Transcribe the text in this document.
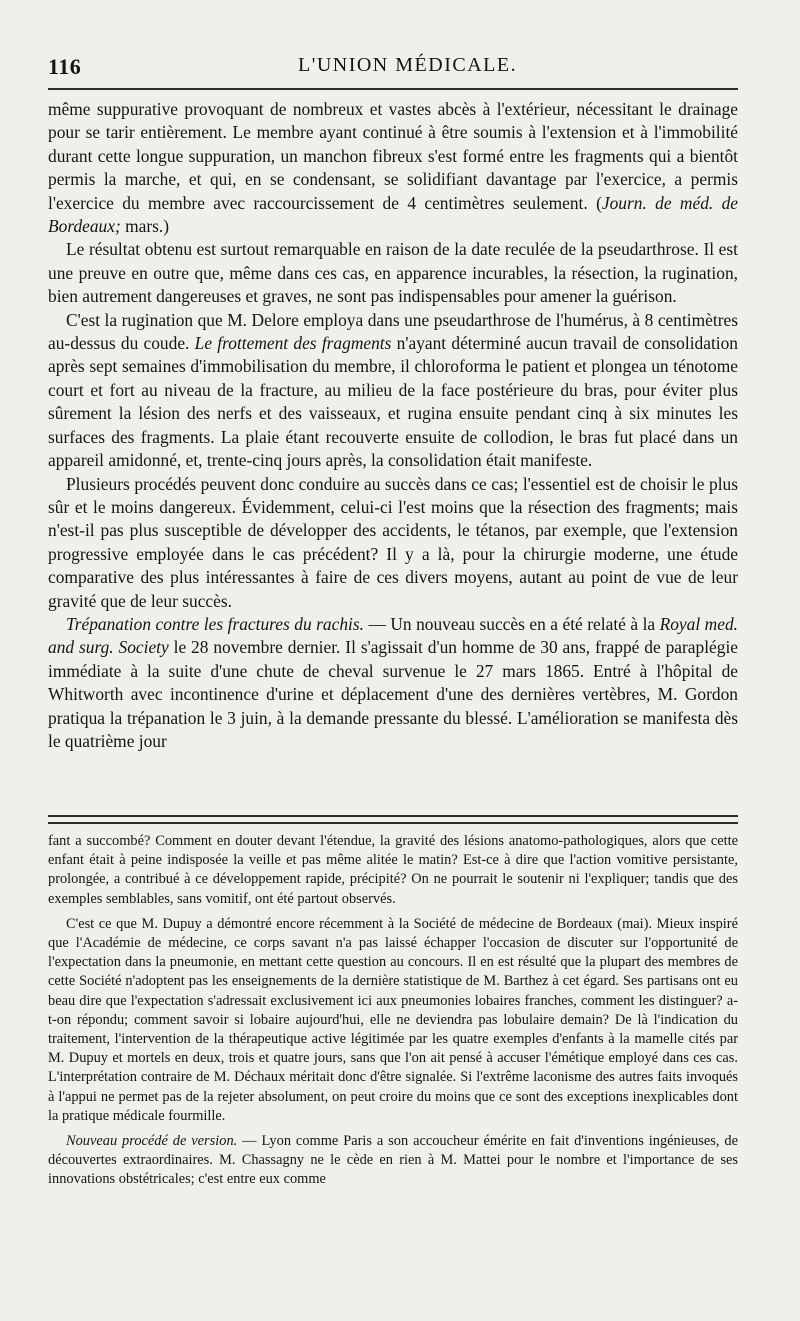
116	L'UNION MÉDICALE.

même suppurative provoquant de nombreux et vastes abcès à l'extérieur, nécessitant le drainage pour se tarir entièrement. Le membre ayant continué à être soumis à l'extension et à l'immobilité durant cette longue suppuration, un manchon fibreux s'est formé entre les fragments qui a bientôt permis la marche, et qui, en se condensant, se solidifiant davantage par l'exercice, a permis l'exercice du membre avec raccourcissement de 4 centimètres seulement. (Journ. de méd. de Bordeaux; mars.)

Le résultat obtenu est surtout remarquable en raison de la date reculée de la pseudarthrose. Il est une preuve en outre que, même dans ces cas, en apparence incurables, la résection, la rugination, bien autrement dangereuses et graves, ne sont pas indispensables pour amener la guérison.

C'est la rugination que M. Delore employa dans une pseudarthrose de l'humérus, à 8 centimètres au-dessus du coude. Le frottement des fragments n'ayant déterminé aucun travail de consolidation après sept semaines d'immobilisation du membre, il chloroforma le patient et plongea un ténotome court et fort au niveau de la fracture, au milieu de la face postérieure du bras, pour éviter plus sûrement la lésion des nerfs et des vaisseaux, et rugina ensuite pendant cinq à six minutes les surfaces des fragments. La plaie étant recouverte ensuite de collodion, le bras fut placé dans un appareil amidonné, et, trente-cinq jours après, la consolidation était manifeste.

Plusieurs procédés peuvent donc conduire au succès dans ce cas; l'essentiel est de choisir le plus sûr et le moins dangereux. Évidemment, celui-ci l'est moins que la résection des fragments; mais n'est-il pas plus susceptible de développer des accidents, le tétanos, par exemple, que l'extension progressive employée dans le cas précédent? Il y a là, pour la chirurgie moderne, une étude comparative des plus intéressantes à faire de ces divers moyens, autant au point de vue de leur gravité que de leur succès.

Trépanation contre les fractures du rachis. — Un nouveau succès en a été relaté à la Royal med. and surg. Society le 28 novembre dernier. Il s'agissait d'un homme de 30 ans, frappé de paraplégie immédiate à la suite d'une chute de cheval survenue le 27 mars 1865. Entré à l'hôpital de Whitworth avec incontinence d'urine et déplacement d'une des dernières vertèbres, M. Gordon pratiqua la trépanation le 3 juin, à la demande pressante du blessé. L'amélioration se manifesta dès le quatrième jour

fant a succombé? Comment en douter devant l'étendue, la gravité des lésions anatomo-pathologiques, alors que cette enfant était à peine indisposée la veille et pas même alitée le matin? Est-ce à dire que l'action vomitive persistante, prolongée, a contribué à ce développement rapide, précipité? On ne pourrait le soutenir ni l'expliquer; tandis que des exemples semblables, sans vomitif, ont été partout observés.

C'est ce que M. Dupuy a démontré encore récemment à la Société de médecine de Bordeaux (mai). Mieux inspiré que l'Académie de médecine, ce corps savant n'a pas laissé échapper l'occasion de discuter sur l'opportunité de l'expectation dans la pneumonie, en mettant cette question au concours. Il en est résulté que la plupart des membres de cette Société n'adoptent pas les enseignements de la dernière statistique de M. Barthez à cet égard. Ses partisans ont eu beau dire que l'expectation s'adressait exclusivement ici aux pneumonies lobaires franches, comment les distinguer? a-t-on répondu; comment savoir si lobaire aujourd'hui, elle ne deviendra pas lobulaire demain? De là l'indication du traitement, l'intervention de la thérapeutique active légitimée par les quatre exemples d'enfants à la mamelle cités par M. Dupuy et mortels en deux, trois et quatre jours, sans que l'on ait pensé à accuser l'émétique employé dans ces cas. L'interprétation contraire de M. Déchaux méritait donc d'être signalée. Si l'extrême laconisme des autres faits invoqués à l'appui ne permet pas de la rejeter absolument, on peut croire du moins que ce sont des exceptions inexplicables dont la pratique médicale fourmille.

Nouveau procédé de version. — Lyon comme Paris a son accoucheur émérite en fait d'inventions ingénieuses, de découvertes extraordinaires. M. Chassagny ne le cède en rien à M. Mattei pour le nombre et l'importance de ses innovations obstétricales; c'est entre eux comme
